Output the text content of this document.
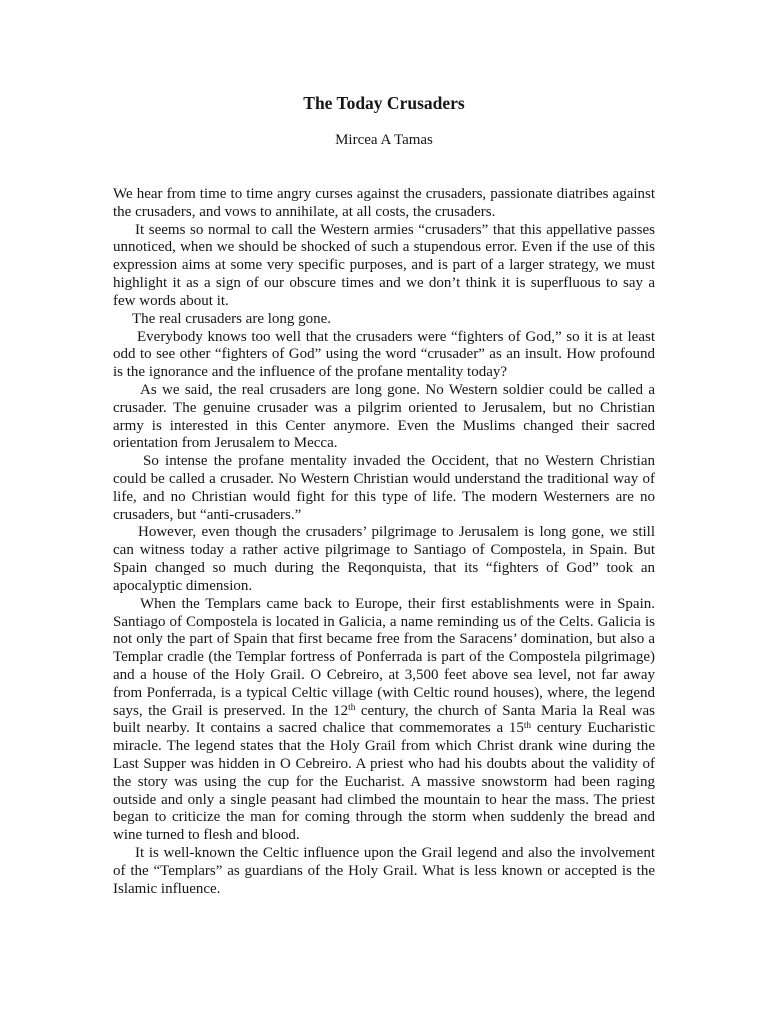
The Today Crusaders
Mircea A Tamas
We hear from time to time angry curses against the crusaders, passionate diatribes against
the crusaders, and vows to annihilate, at all costs, the crusaders.
It seems so normal to call the Western armies “crusaders” that this appellative passes
unnoticed, when we should be shocked of such a stupendous error. Even if the use of this
expression aims at some very specific purposes, and is part of a larger strategy, we must
highlight it as a sign of our obscure times and we don’t think it is superfluous to say a
few words about it.
The real crusaders are long gone.
Everybody knows too well that the crusaders were “fighters of God,” so it is at least
odd to see other “fighters of God” using the word “crusader” as an insult. How profound
is the ignorance and the influence of the profane mentality today?
As we said, the real crusaders are long gone. No Western soldier could be called a
crusader. The genuine crusader was a pilgrim oriented to Jerusalem, but no Christian
army is interested in this Center anymore. Even the Muslims changed their sacred
orientation from Jerusalem to Mecca.
So intense the profane mentality invaded the Occident, that no Western Christian
could be called a crusader. No Western Christian would understand the traditional way of
life, and no Christian would fight for this type of life. The modern Westerners are no
crusaders, but “anti-crusaders.”
However, even though the crusaders’ pilgrimage to Jerusalem is long gone, we still
can witness today a rather active pilgrimage to Santiago of Compostela, in Spain. But
Spain changed so much during the Reqonquista, that its “fighters of God” took an
apocalyptic dimension.
When the Templars came back to Europe, their first establishments were in Spain.
Santiago of Compostela is located in Galicia, a name reminding us of the Celts. Galicia is
not only the part of Spain that first became free from the Saracens’ domination, but also a
Templar cradle (the Templar fortress of Ponferrada is part of the Compostela pilgrimage)
and a house of the Holy Grail. O Cebreiro, at 3,500 feet above sea level, not far away
from Ponferrada, is a typical Celtic village (with Celtic round houses), where, the legend
says, the Grail is preserved. In the 12th century, the church of Santa Maria la Real was
built nearby. It contains a sacred chalice that commemorates a 15th century Eucharistic
miracle. The legend states that the Holy Grail from which Christ drank wine during the
Last Supper was hidden in O Cebreiro. A priest who had his doubts about the validity of
the story was using the cup for the Eucharist. A massive snowstorm had been raging
outside and only a single peasant had climbed the mountain to hear the mass. The priest
began to criticize the man for coming through the storm when suddenly the bread and
wine turned to flesh and blood.
It is well-known the Celtic influence upon the Grail legend and also the involvement
of the “Templars” as guardians of the Holy Grail. What is less known or accepted is the
Islamic influence.
